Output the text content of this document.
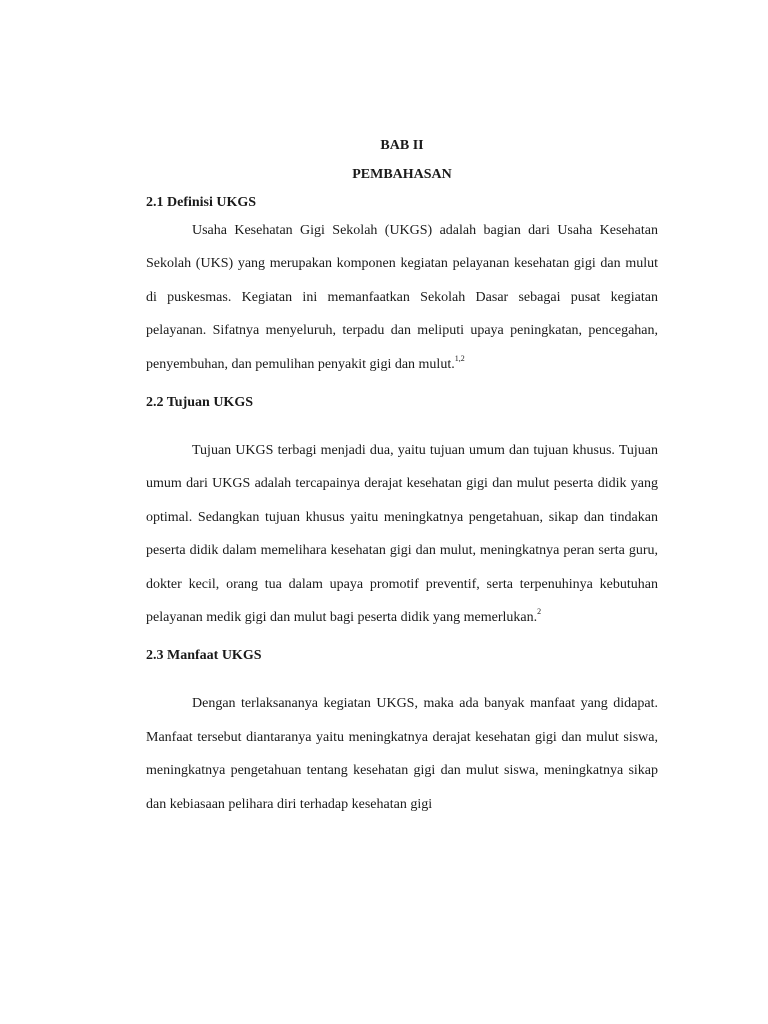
BAB II
PEMBAHASAN
2.1 Definisi UKGS

Usaha Kesehatan Gigi Sekolah (UKGS) adalah bagian dari Usaha Kesehatan Sekolah (UKS) yang merupakan komponen kegiatan pelayanan kesehatan gigi dan mulut di puskesmas. Kegiatan ini memanfaatkan Sekolah Dasar sebagai pusat kegiatan pelayanan. Sifatnya menyeluruh, terpadu dan meliputi upaya peningkatan, pencegahan, penyembuhan, dan pemulihan penyakit gigi dan mulut.$^{1,2}$

2.2 Tujuan UKGS

Tujuan UKGS terbagi menjadi dua, yaitu tujuan umum dan tujuan khusus. Tujuan umum dari UKGS adalah tercapainya derajat kesehatan gigi dan mulut peserta didik yang optimal. Sedangkan tujuan khusus yaitu meningkatnya pengetahuan, sikap dan tindakan peserta didik dalam memelihara kesehatan gigi dan mulut, meningkatnya peran serta guru, dokter kecil, orang tua dalam upaya promotif preventif, serta terpenuhinya kebutuhan pelayanan medik gigi dan mulut bagi peserta didik yang memerlukan.$^2$

2.3 Manfaat UKGS

Dengan terlaksananya kegiatan UKGS, maka ada banyak manfaat yang didapat. Manfaat tersebut diantaranya yaitu meningkatnya derajat kesehatan gigi dan mulut siswa, meningkatnya pengetahuan tentang kesehatan gigi dan mulut siswa, meningkatnya sikap dan kebiasaan pelihara diri terhadap kesehatan gigi
